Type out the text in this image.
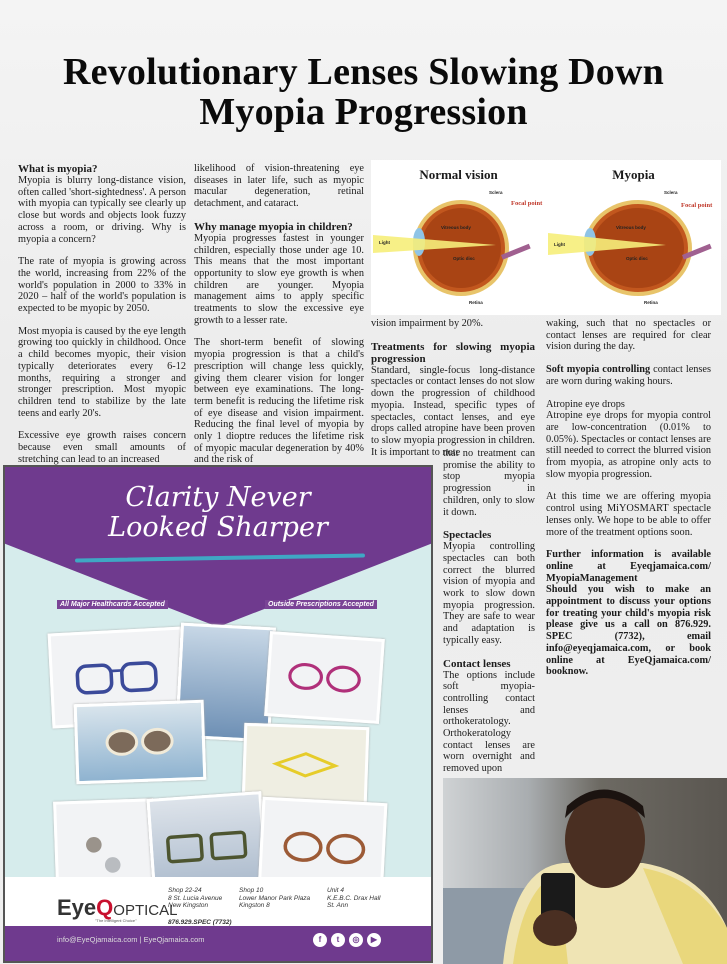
Revolutionary Lenses Slowing Down
Myopia Progression
What is myopia?

Myopia is blurry long-distance vision, often called 'short-sightedness'. A person with myopia can typically see clearly up close but words and objects look fuzzy across a room, or driving. Why is myopia a concern?

The rate of myopia is growing across the world, increasing from 22% of the world's population in 2000 to 33% in 2020 – half of the world's population is expected to be myopic by 2050.

Most myopia is caused by the eye length growing too quickly in childhood. Once a child becomes myopic, their vision typically deteriorates every 6-12 months, requiring a stronger and stronger prescription. Most myopic children tend to stabilize by the late teens and early 20's.

Excessive eye growth raises concern because even small amounts of stretching can lead to an increased

likelihood of vision-threatening eye diseases in later life, such as myopic macular degeneration, retinal detachment, and cataract.

Why manage myopia in children?

Myopia progresses fastest in younger children, especially those under age 10. This means that the most important opportunity to slow eye growth is when children are younger. Myopia management aims to apply specific treatments to slow the excessive eye growth to a lesser rate.

The short-term benefit of slowing myopia progression is that a child's prescription will change less quickly, giving them clearer vision for longer between eye examinations. The long-term benefit is reducing the lifetime risk of eye disease and vision impairment. Reducing the final level of myopia by only 1 dioptre reduces the lifetime risk of myopic macular degeneration by 40% and the risk of

Normal vision
Focal point
Light
Vitreous body
Optic disc
Sclera
Retina
Myopia
Focal point
Light
Vitreous body
Optic disc
Sclera
Retina

vision impairment by 20%.

Treatments for slowing myopia progression

Standard, single-focus long-distance spectacles or contact lenses do not slow down the progression of childhood myopia. Instead, specific types of spectacles, contact lenses, and eye drops called atropine have been proven to slow myopia progression in children. It is important to note

that no treatment can promise the ability to stop myopia progression in children, only to slow it down.

Spectacles

Myopia controlling spectacles can both correct the blurred vision of myopia and work to slow down myopia progression. They are safe to wear and adaptation is typically easy.

Contact lenses

The options include soft myopia-controlling contact lenses and orthokeratology. Orthokeratology contact lenses are worn overnight and removed upon

waking, such that no spectacles or contact lenses are required for clear vision during the day.

Soft myopia controlling contact lenses are worn during waking hours.

Atropine eye drops

Atropine eye drops for myopia control are low-concentration (0.01% to 0.05%). Spectacles or contact lenses are still needed to correct the blurred vision from myopia, as atropine only acts to slow myopia progression.

At this time we are offering myopia control using MiYOSMART spectacle lenses only. We hope to be able to offer more of the treatment options soon.

Further information is available online at Eyeqjamaica.com/ MyopiaManagement
Should you wish to make an appointment to discuss your options for treating your child's myopia risk please give us a call on 876.929. SPEC (7732), email info@eyeqjamaica.com, or book online at EyeQjamaica.com/ booknow.
Clarity Never
Looked Sharper
All Major Healthcards Accepted	Outside Prescriptions Accepted
EyeQOPTICAL
"The Intelligent Choice"
Shop 22-24
8 St. Lucia Avenue
New Kingston
Shop 10
Lower Manor Park Plaza
Kingston 8
Unit 4
K.E.B.C. Drax Hall
St. Ann
876.929.SPEC (7732)
info@EyeQjamaica.com | EyeQjamaica.com	f	t	◎	▶
